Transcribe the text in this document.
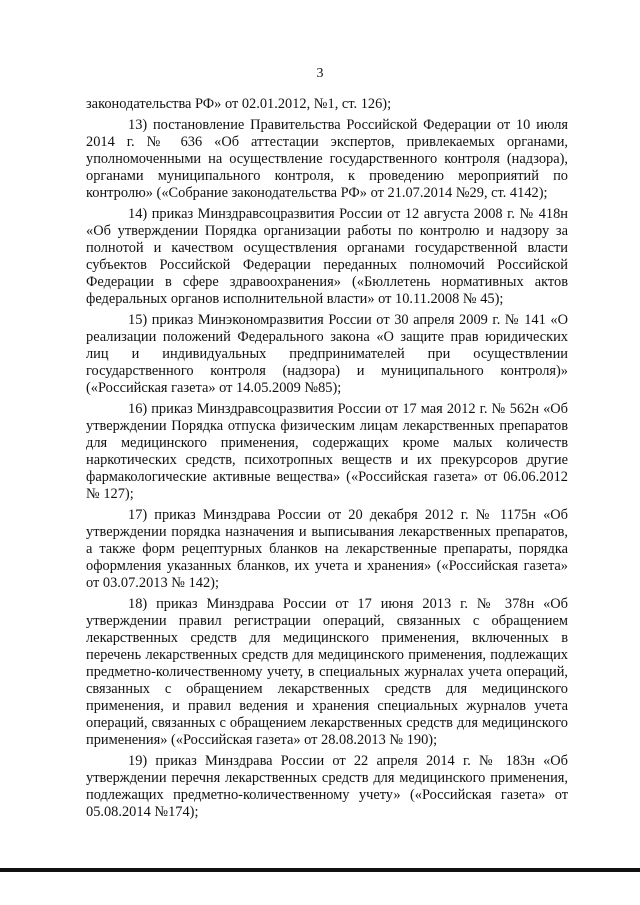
3

законодательства РФ» от 02.01.2012, №1, ст. 126);

13) постановление Правительства Российской Федерации от 10 июля 2014 г. № 636 «Об аттестации экспертов, привлекаемых органами, уполномоченными на осуществление государственного контроля (надзора), органами муниципального контроля, к проведению мероприятий по контролю» («Собрание законодательства РФ» от 21.07.2014 №29, ст. 4142);

14) приказ Минздравсоцразвития России от 12 августа 2008 г. № 418н «Об утверждении Порядка организации работы по контролю и надзору за полнотой и качеством осуществления органами государственной власти субъектов Российской Федерации переданных полномочий Российской Федерации в сфере здравоохранения» («Бюллетень нормативных актов федеральных органов исполнительной власти» от 10.11.2008 № 45);

15) приказ Минэкономразвития России от 30 апреля 2009 г. № 141 «О реализации положений Федерального закона «О защите прав юридических лиц и индивидуальных предпринимателей при осуществлении государственного контроля (надзора) и муниципального контроля)» («Российская газета» от 14.05.2009 №85);

16) приказ Минздравсоцразвития России от 17 мая 2012 г. № 562н «Об утверждении Порядка отпуска физическим лицам лекарственных препаратов для медицинского применения, содержащих кроме малых количеств наркотических средств, психотропных веществ и их прекурсоров другие фармакологические активные вещества» («Российская газета» от 06.06.2012 № 127);

17) приказ Минздрава России от 20 декабря 2012 г. № 1175н «Об утверждении порядка назначения и выписывания лекарственных препаратов, а также форм рецептурных бланков на лекарственные препараты, порядка оформления указанных бланков, их учета и хранения» («Российская газета» от 03.07.2013 № 142);

18) приказ Минздрава России от 17 июня 2013 г. № 378н «Об утверждении правил регистрации операций, связанных с обращением лекарственных средств для медицинского применения, включенных в перечень лекарственных средств для медицинского применения, подлежащих предметно-количественному учету, в специальных журналах учета операций, связанных с обращением лекарственных средств для медицинского применения, и правил ведения и хранения специальных журналов учета операций, связанных с обращением лекарственных средств для медицинского применения» («Российская газета» от 28.08.2013 № 190);

19) приказ Минздрава России от 22 апреля 2014 г. № 183н «Об утверждении перечня лекарственных средств для медицинского применения, подлежащих предметно-количественному учету» («Российская газета» от 05.08.2014 №174);
